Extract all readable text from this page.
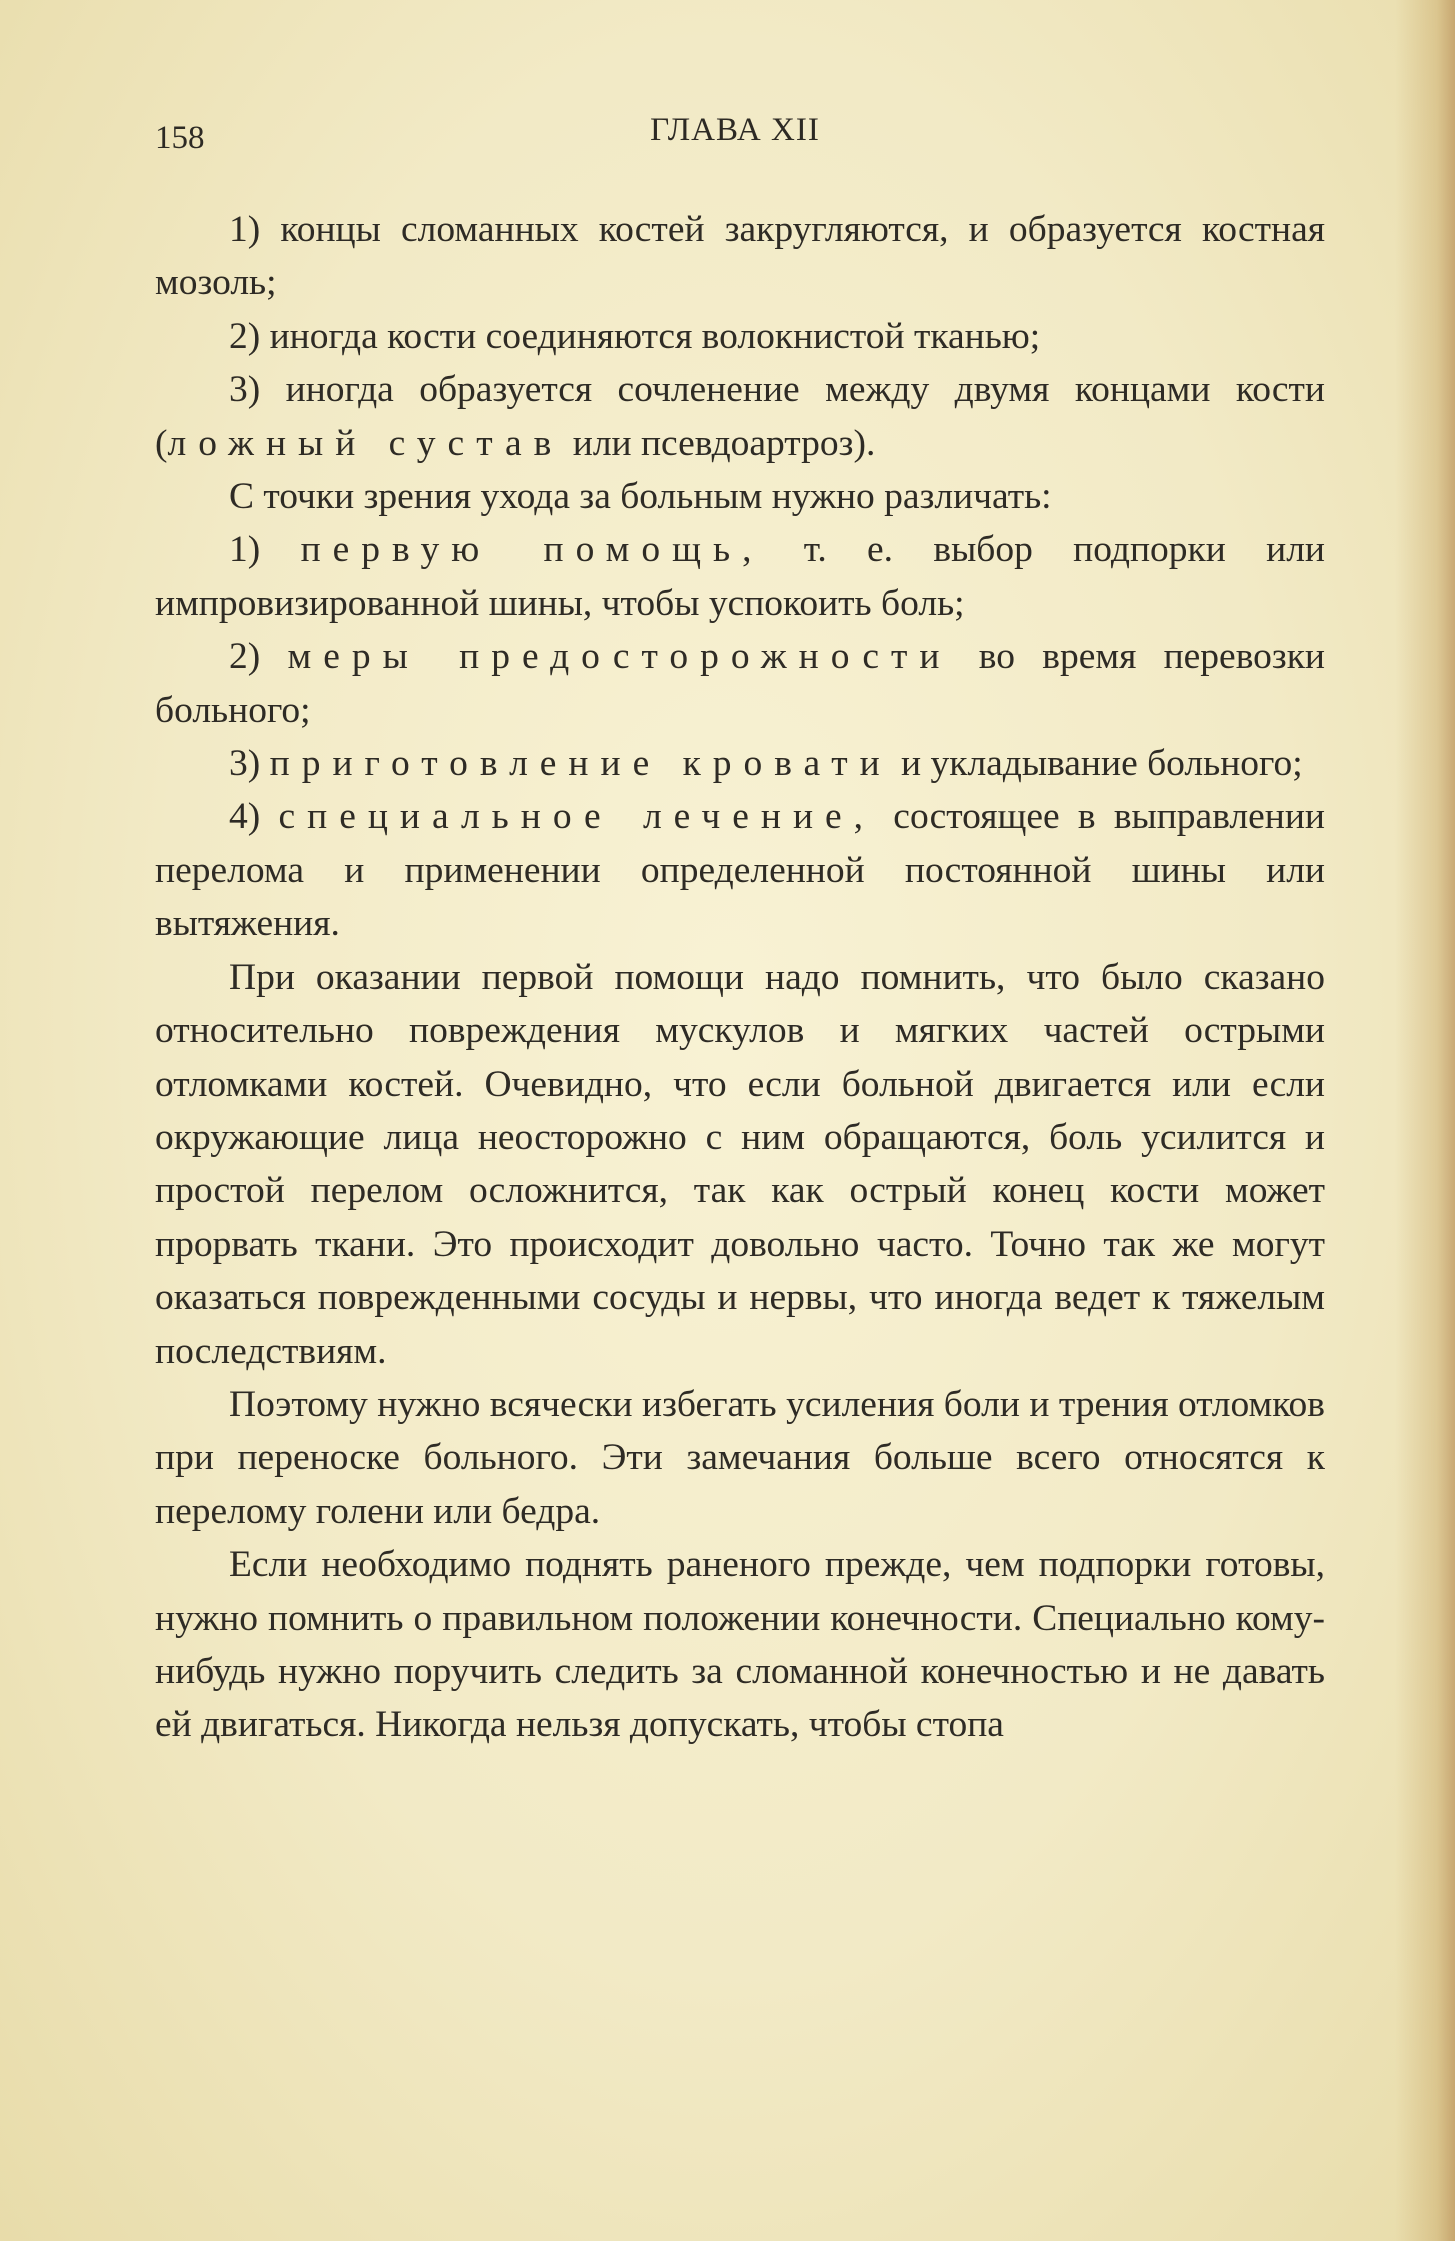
158	ГЛАВА XII

1) концы сломанных костей закругляются, и образуется костная мозоль;

2) иногда кости соединяются волокнистой тканью;

3) иногда образуется сочленение между двумя концами кости (ложный сустав или псевдоартроз).

С точки зрения ухода за больным нужно различать:

1) первую помощь, т. е. выбор подпорки или импровизированной шины, чтобы успокоить боль;

2) меры предосторожности во время перевозки больного;

3) приготовление кровати и укладывание больного;

4) специальное лечение, состоящее в выправлении перелома и применении определенной постоянной шины или вытяжения.

При оказании первой помощи надо помнить, что было сказано относительно повреждения мускулов и мягких частей острыми отломками костей. Очевидно, что если больной двигается или если окружающие лица неосторожно с ним обращаются, боль усилится и простой перелом осложнится, так как острый конец кости может прорвать ткани. Это происходит довольно часто. Точно так же могут оказаться поврежденными сосуды и нервы, что иногда ведет к тяжелым последствиям.

Поэтому нужно всячески избегать усиления боли и трения отломков при переноске больного. Эти замечания больше всего относятся к перелому голени или бедра.

Если необходимо поднять раненого прежде, чем подпорки готовы, нужно помнить о правильном положении конечности. Специально кому-нибудь нужно поручить следить за сломанной конечностью и не давать ей двигаться. Никогда нельзя допускать, чтобы стопа
